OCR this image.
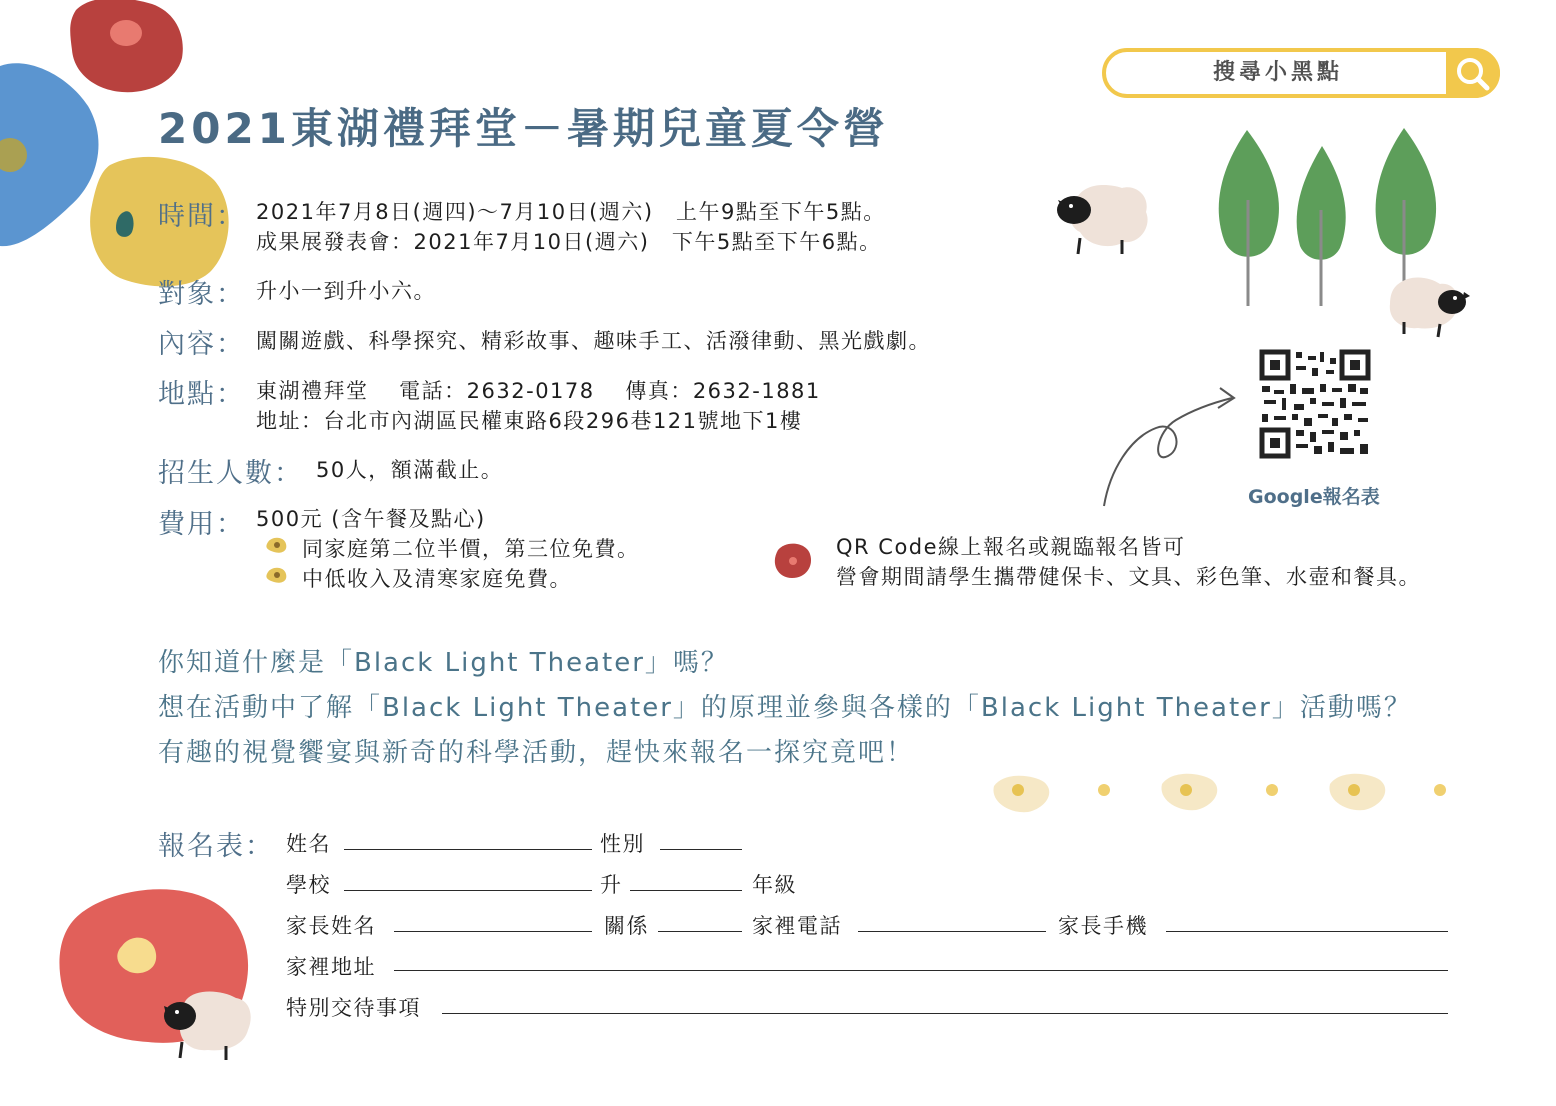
搜尋小黑點
2021東湖禮拜堂－暑期兒童夏令營
時間： 2021年7月8日(週四)～7月10日(週六)　上午9點至下午5點。
成果展發表會：2021年7月10日(週六)　下午5點至下午6點。
對象： 升小一到升小六。
內容： 闖關遊戲、科學探究、精彩故事、趣味手工、活潑律動、黑光戲劇。
地點： 東湖禮拜堂　 電話：2632-0178　 傳真：2632-1881
地址：台北市內湖區民權東路6段296巷121號地下1樓
招生人數： 50人，額滿截止。
費用： 500元 (含午餐及點心)
同家庭第二位半價，第三位免費。
中低收入及清寒家庭免費。
Google報名表
QR Code線上報名或親臨報名皆可
營會期間請學生攜帶健保卡、文具、彩色筆、水壺和餐具。
你知道什麼是「Black Light Theater」嗎？
想在活動中了解「Black Light Theater」的原理並參與各樣的「Black Light Theater」活動嗎？
有趣的視覺饗宴與新奇的科學活動，趕快來報名一探究竟吧！
報名表： 姓名	性別
學校	升	年級
家長姓名	關係	家裡電話	家長手機
家裡地址
特別交待事項
